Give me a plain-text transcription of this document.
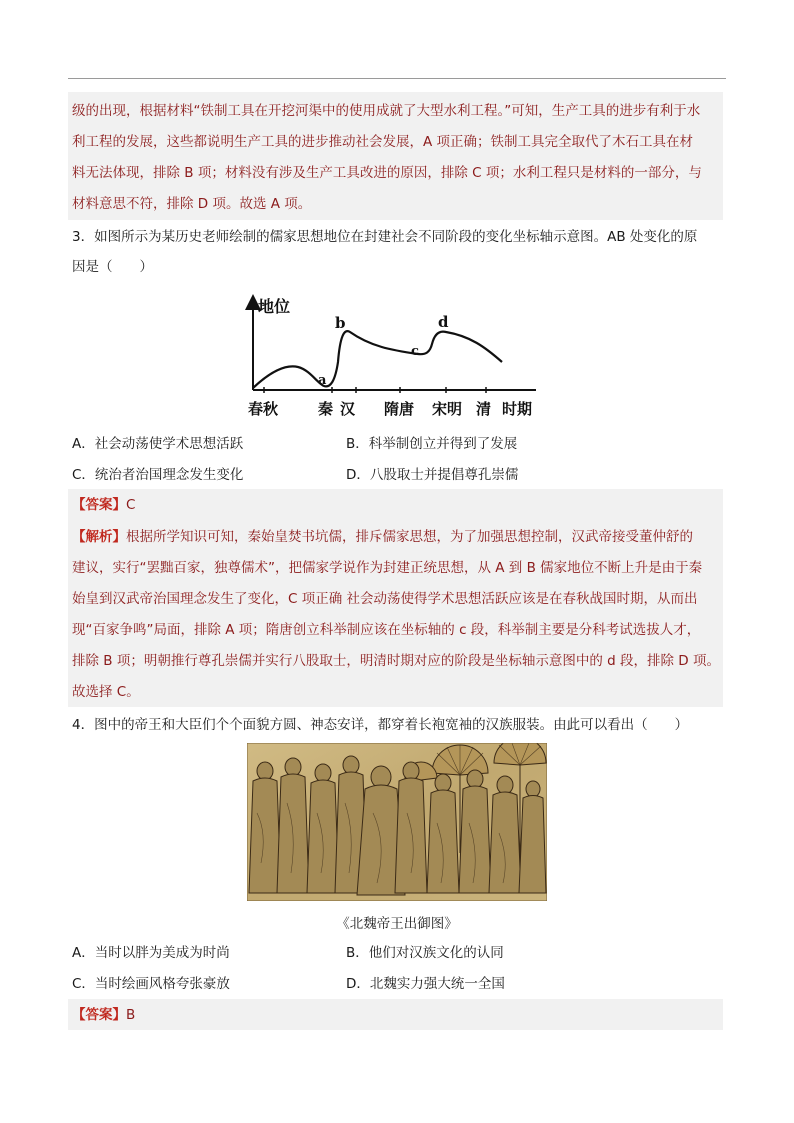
级的出现，根据材料“铁制工具在开挖河渠中的使用成就了大型水利工程。”可知，生产工具的进步有利于水
利工程的发展，这些都说明生产工具的进步推动社会发展，A 项正确；铁制工具完全取代了木石工具在材
料无法体现，排除 B 项；材料没有涉及生产工具改进的原因，排除 C 项；水利工程只是材料的一部分，与
材料意思不符，排除 D 项。故选 A 项。
3．如图所示为某历史老师绘制的儒家思想地位在封建社会不同阶段的变化坐标轴示意图。AB 处变化的原
因是（　　）
地位
a
b
c
d
春秋	秦 汉 隋唐 宋明 清 时期
A．社会动荡使学术思想活跃	B．科举制创立并得到了发展
C．统治者治国理念发生变化	D．八股取士并提倡尊孔崇儒
【答案】C
【解析】根据所学知识可知，秦始皇焚书坑儒，排斥儒家思想，为了加强思想控制，汉武帝接受董仲舒的
建议，实行“罢黜百家，独尊儒术”，把儒家学说作为封建正统思想，从 A 到 B 儒家地位不断上升是由于秦
始皇到汉武帝治国理念发生了变化，C 项正确 社会动荡使得学术思想活跃应该是在春秋战国时期，从而出
现“百家争鸣”局面，排除 A 项；隋唐创立科举制应该在坐标轴的 c 段，科举制主要是分科考试选拔人才，
排除 B 项；明朝推行尊孔崇儒并实行八股取士，明清时期对应的阶段是坐标轴示意图中的 d 段，排除 D 项。
故选择 C。
4．图中的帝王和大臣们个个面貌方圆、神态安详，都穿着长袍宽袖的汉族服装。由此可以看出（　　）
《北魏帝王出御图》
A．当时以胖为美成为时尚	B．他们对汉族文化的认同
C．当时绘画风格夸张豪放	D．北魏实力强大统一全国
【答案】B
